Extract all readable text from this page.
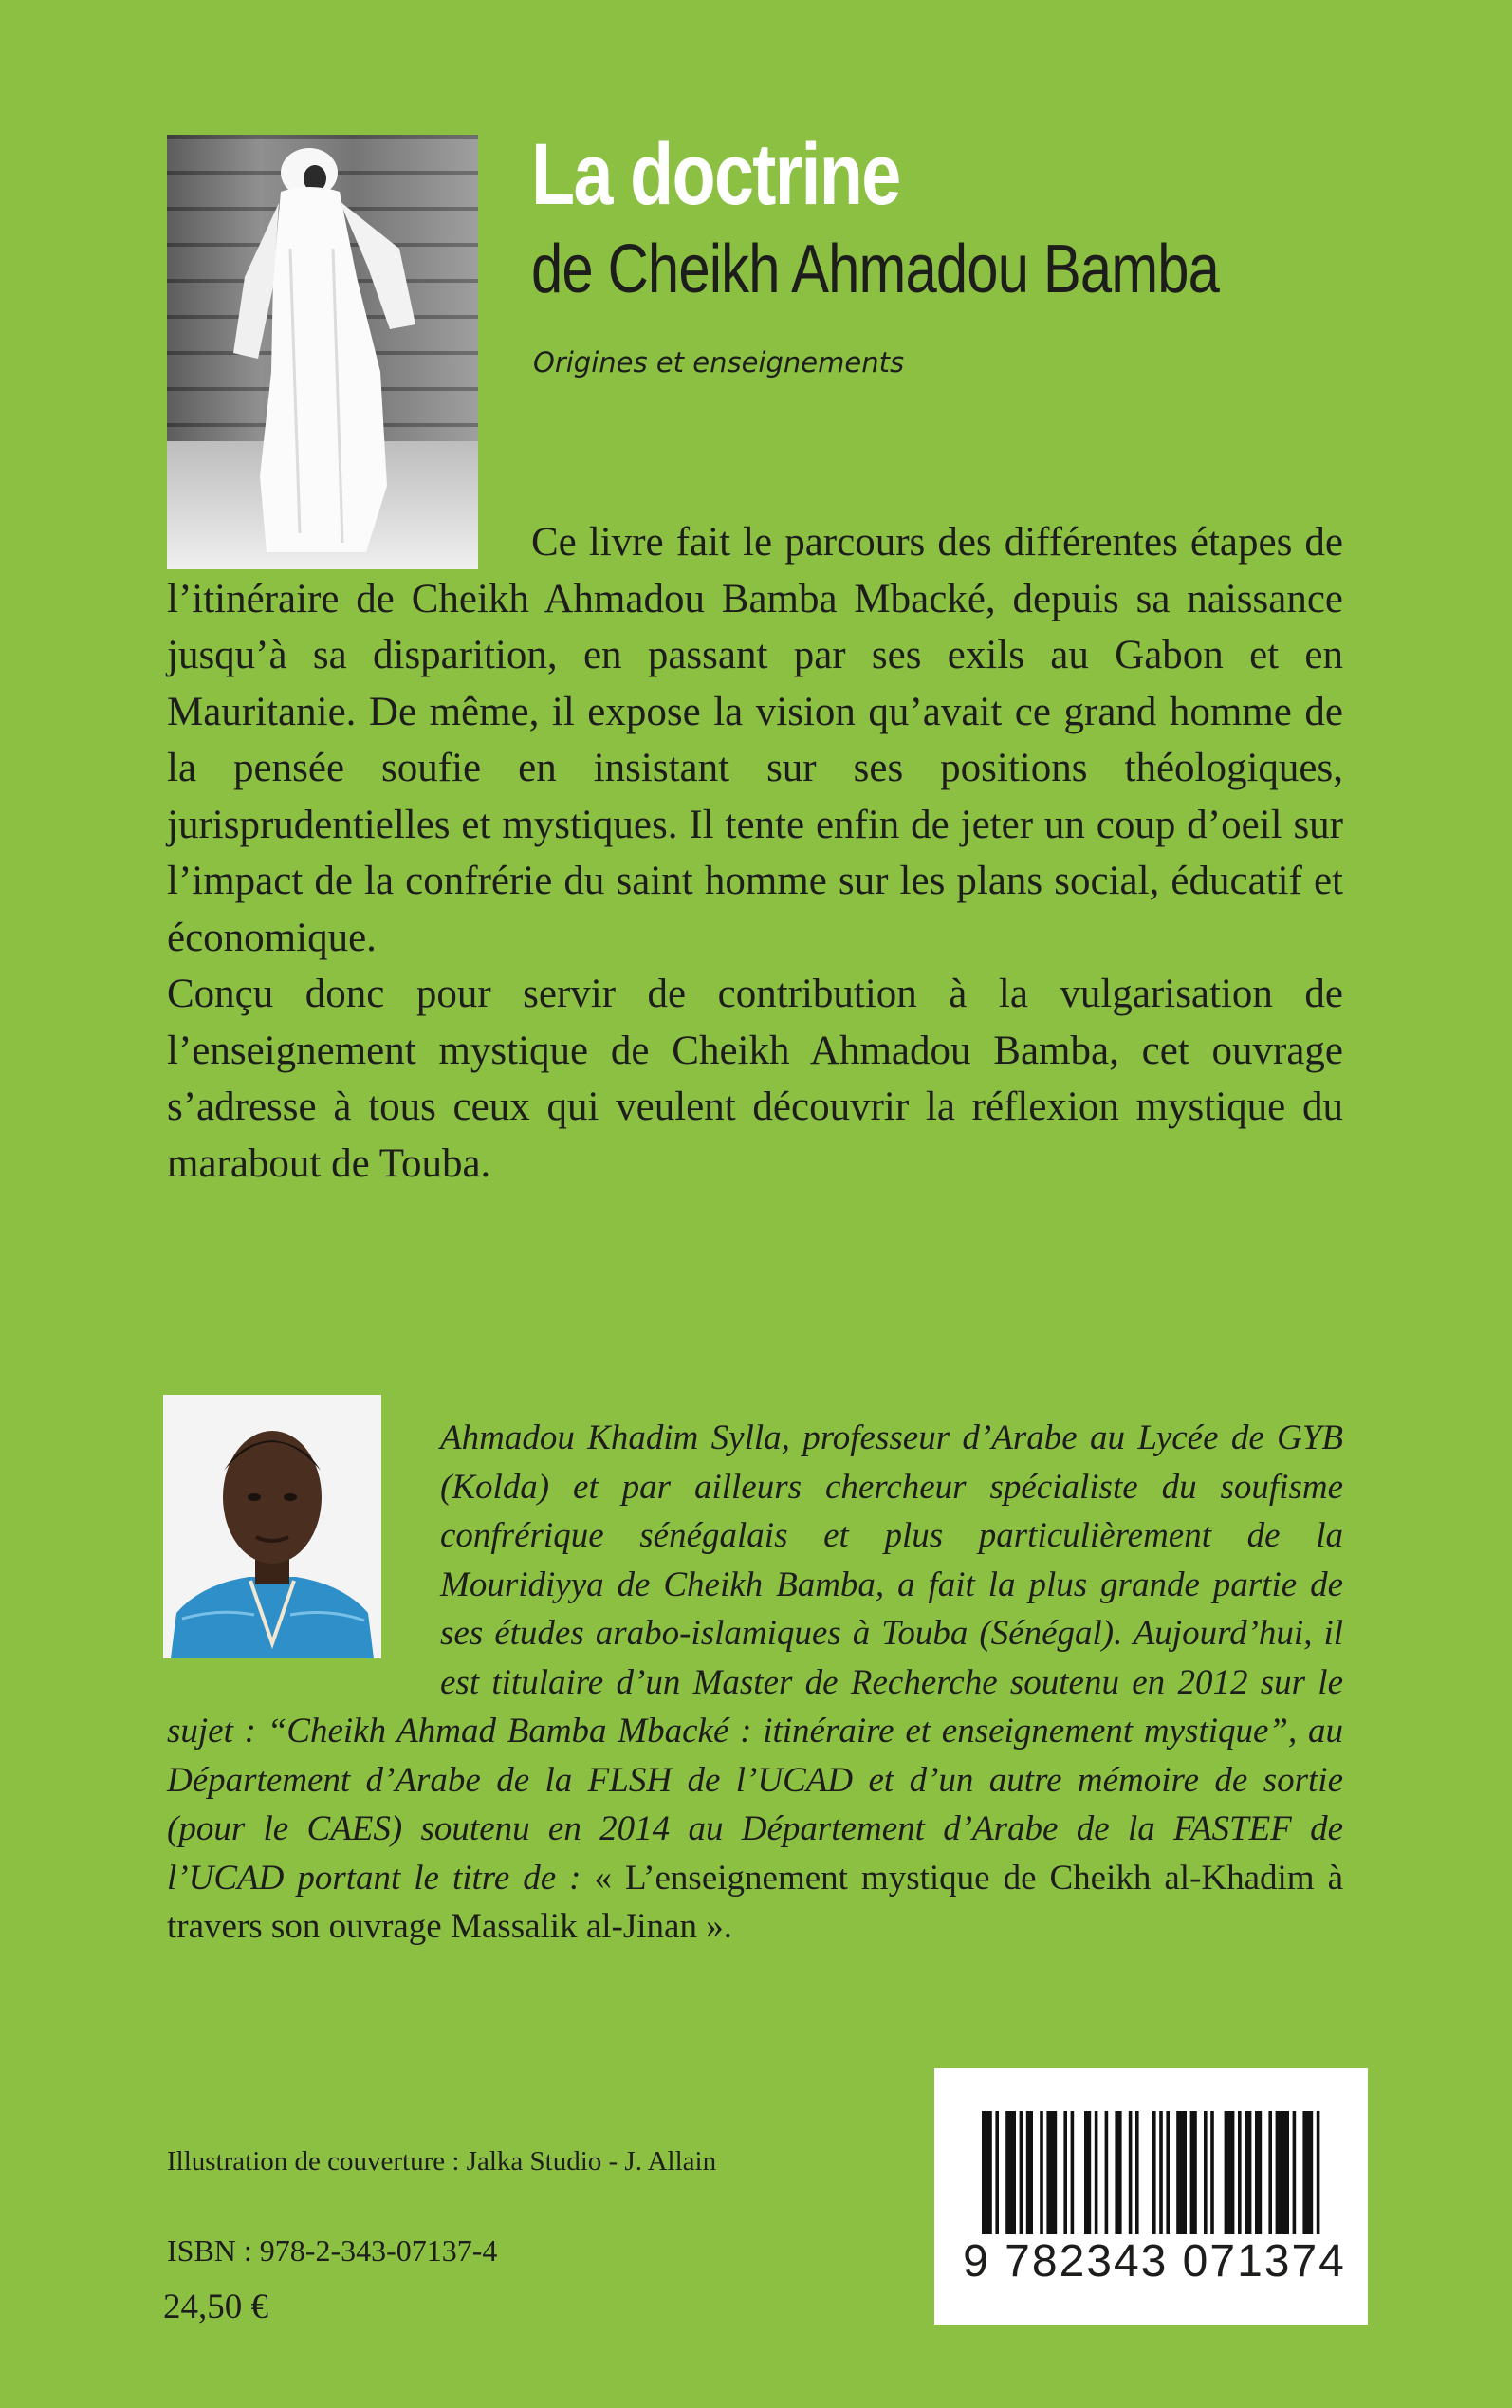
La doctrine
de Cheikh Ahmadou Bamba
Origines et enseignements

Ce livre fait le parcours des différentes étapes de l’itinéraire de Cheikh Ahmadou Bamba Mbacké, depuis sa naissance jusqu’à sa disparition, en passant par ses exils au Gabon et en Mauritanie. De même, il expose la vision qu’avait ce grand homme de la pensée soufie en insistant sur ses positions théologiques, jurisprudentielles et mystiques. Il tente enfin de jeter un coup d’oeil sur l’impact de la confrérie du saint homme sur les plans social, éducatif et économique.

Conçu donc pour servir de contribution à la vulgarisation de l’enseignement mystique de Cheikh Ahmadou Bamba, cet ouvrage s’adresse à tous ceux qui veulent découvrir la réflexion mystique du marabout de Touba.

Ahmadou Khadim Sylla, professeur d’Arabe au Lycée de GYB (Kolda) et par ailleurs chercheur spécialiste du soufisme confrérique sénégalais et plus particulièrement de la Mouridiyya de Cheikh Bamba, a fait la plus grande partie de ses études arabo-islamiques à Touba (Sénégal). Aujourd’hui, il est titulaire d’un Master de Recherche soutenu en 2012 sur le sujet : “Cheikh Ahmad Bamba Mbacké : itinéraire et enseignement mystique”, au Département d’Arabe de la FLSH de l’UCAD et d’un autre mémoire de sortie (pour le CAES) soutenu en 2014 au Département d’Arabe de la FASTEF de l’UCAD portant le titre de : « L’enseignement mystique de Cheikh al-Khadim à travers son ouvrage Massalik al-Jinan ».

Illustration de couverture : Jalka Studio - J. Allain
ISBN : 978-2-343-07137-4
24,50 €
9 782343 071374
